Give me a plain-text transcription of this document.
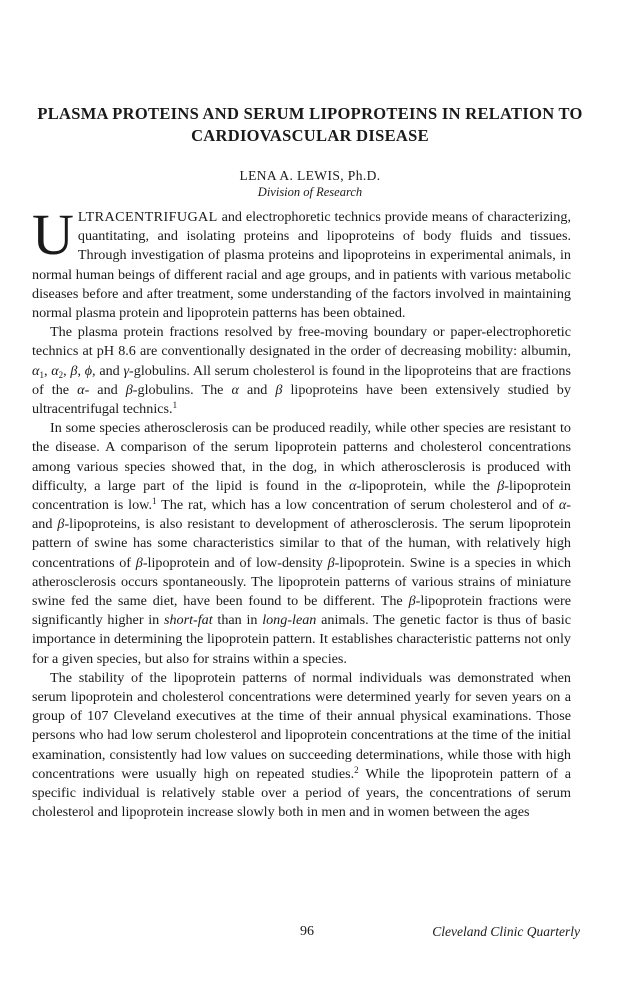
PLASMA PROTEINS AND SERUM LIPOPROTEINS IN RELATION TO CARDIOVASCULAR DISEASE

LENA A. LEWIS, Ph.D.

Division of Research

ULTRACENTRIFUGAL and electrophoretic technics provide means of characterizing, quantitating, and isolating proteins and lipoproteins of body fluids and tissues. Through investigation of plasma proteins and lipoproteins in experimental animals, in normal human beings of different racial and age groups, and in patients with various metabolic diseases before and after treatment, some understanding of the factors involved in maintaining normal plasma protein and lipoprotein patterns has been obtained.

The plasma protein fractions resolved by free-moving boundary or paper-electrophoretic technics at pH 8.6 are conventionally designated in the order of decreasing mobility: albumin, $\alpha_1$, $\alpha_2$, β, ϕ, and γ-globulins. All serum cholesterol is found in the lipoproteins that are fractions of the α- and β-globulins. The α and β lipoproteins have been extensively studied by ultracentrifugal technics.$^1$

In some species atherosclerosis can be produced readily, while other species are resistant to the disease. A comparison of the serum lipoprotein patterns and cholesterol concentrations among various species showed that, in the dog, in which atherosclerosis is produced with difficulty, a large part of the lipid is found in the α-lipoprotein, while the β-lipoprotein concentration is low.$^1$ The rat, which has a low concentration of serum cholesterol and of α- and β-lipoproteins, is also resistant to development of atherosclerosis. The serum lipoprotein pattern of swine has some characteristics similar to that of the human, with relatively high concentrations of β-lipoprotein and of low-density β-lipoprotein. Swine is a species in which atherosclerosis occurs spontaneously. The lipoprotein patterns of various strains of miniature swine fed the same diet, have been found to be different. The β-lipoprotein fractions were significantly higher in short-fat than in long-lean animals. The genetic factor is thus of basic importance in determining the lipoprotein pattern. It establishes characteristic patterns not only for a given species, but also for strains within a species.

The stability of the lipoprotein patterns of normal individuals was demonstrated when serum lipoprotein and cholesterol concentrations were determined yearly for seven years on a group of 107 Cleveland executives at the time of their annual physical examinations. Those persons who had low serum cholesterol and lipoprotein concentrations at the time of the initial examination, consistently had low values on succeeding determinations, while those with high concentrations were usually high on repeated studies.$^2$ While the lipoprotein pattern of a specific individual is relatively stable over a period of years, the concentrations of serum cholesterol and lipoprotein increase slowly both in men and in women between the ages

96	Cleveland Clinic Quarterly
